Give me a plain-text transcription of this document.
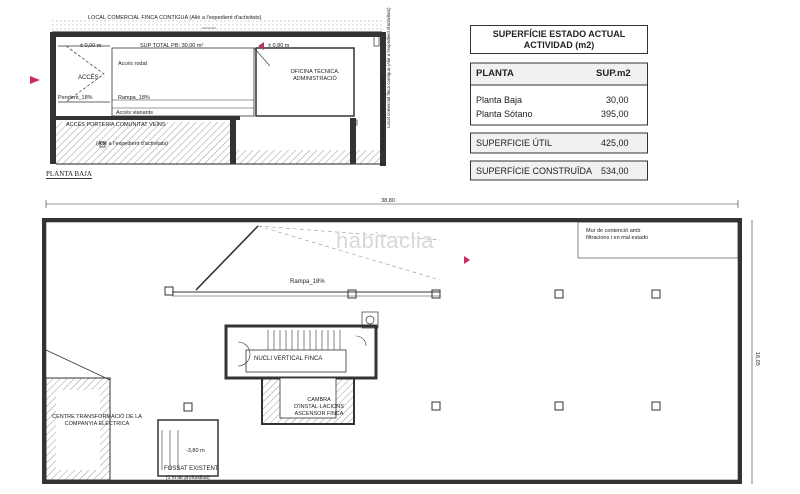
38,80
16,05
LOCAL COMERCIAL FINCA CONTIGUA (Alié a l'expedient d'activitats)
± 0,00 m	SUP TOTAL PB: 30,00 m²	± 0,80 m
ACCÉS
Accés rodat
OFICINA TÈCNICA, ADMINISTRACIÓ
Pendent_18%	Rampa_18%
Accés vianants
ACCÉS PORTERIA COMUNITAT VEÏNS
(Alié a l'expedient d'activitats)
Local comercial finca contigua (Alié a l'expedient d'activitats)
Zona aliena a l'expedient d'activitats
PLANTA BAJA
SUPERFÍCIE ESTADO ACTUAL
ACTIVIDAD (m2)
PLANTA	SUP.m2
Planta Baja	30,00
Planta Sótano	395,00
SUPERFICIE ÚTIL	425,00
SUPERFÍCIE CONSTRUÏDA 534,00
habitaclia	Mur de contenció amb filtracions i en mal estado
Rampa_18%
NUCLI VERTICAL FINCA
CAMBRA D'INSTAL·LACIONS ASCENSOR FINCA
CENTRE TRANSFORMACIÓ DE LA COMPANYIA ELÈCTRICA
-3,80 m
FOSSAT EXISTENT
(1 m de profunditat)
